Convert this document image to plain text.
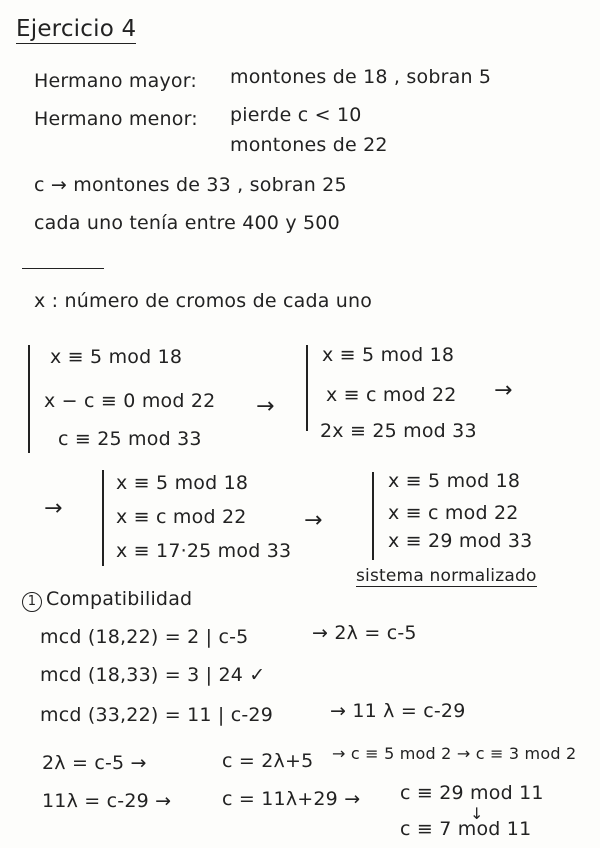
Ejercicio 4
Hermano mayor: montones de 18 , sobran 5
Hermano menor: pierde c < 10
montones de 22
c → montones de 33 , sobran 25
cada uno tenía entre 400 y 500
x : número de cromos de cada uno
x ≡ 5 mod 18
x − c ≡ 0 mod 22
c ≡ 25 mod 33
→
x ≡ 5 mod 18
x ≡ c mod 22
2x ≡ 25 mod 33
→
→
x ≡ 5 mod 18
x ≡ c mod 22
x ≡ 17·25 mod 33
→
x ≡ 5 mod 18
x ≡ c mod 22
x ≡ 29 mod 33
sistema normalizado
1 Compatibilidad
mcd (18,22) = 2 | c-5	→ 2λ = c-5
mcd (18,33) = 3 | 24 ✓
mcd (33,22) = 11 | c-29	→ 11 λ = c-29
2λ = c-5 →	c = 2λ+5 → c ≡ 5 mod 2 → c ≡ 3 mod 2
11λ = c-29 →	c = 11λ+29 → c ≡ 29 mod 11
↓
c ≡ 7 mod 11
